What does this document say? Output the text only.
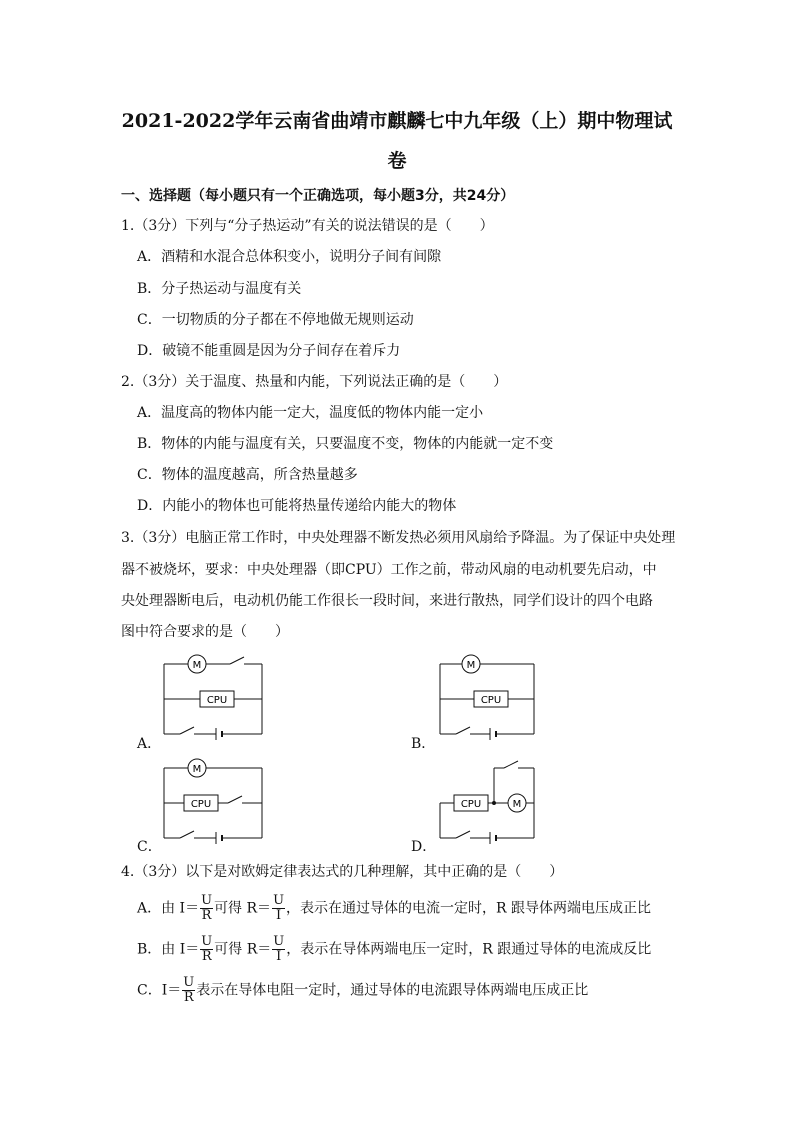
2021-2022学年云南省曲靖市麒麟七中九年级（上）期中物理试
卷
一、选择题（每小题只有一个正确选项，每小题3分，共24分）
1.（3分）下列与“分子热运动”有关的说法错误的是（　　）
A．酒精和水混合总体积变小，说明分子间有间隙
B．分子热运动与温度有关
C．一切物质的分子都在不停地做无规则运动
D．破镜不能重圆是因为分子间存在着斥力
2.（3分）关于温度、热量和内能，下列说法正确的是（　　）
A．温度高的物体内能一定大，温度低的物体内能一定小
B．物体的内能与温度有关，只要温度不变，物体的内能就一定不变
C．物体的温度越高，所含热量越多
D．内能小的物体也可能将热量传递给内能大的物体
3.（3分）电脑正常工作时，中央处理器不断发热必须用风扇给予降温。为了保证中央处理
器不被烧坏，要求：中央处理器（即CPU）工作之前，带动风扇的电动机要先启动，中
央处理器断电后，电动机仍能工作很长一段时间，来进行散热，同学们设计的四个电路
图中符合要求的是（　　）
M
CPU
A．
M
CPU
B．
M
CPU
C．
M
CPU
D．
4.（3分）以下是对欧姆定律表达式的几种理解，其中正确的是（　　）
A．由 $I= \frac{U}{R}$ 可得 $R= \frac{U}{I}$ ，表示在通过导体的电流一定时，R 跟导体两端电压成正比
B．由 $I= \frac{U}{R}$ 可得 $R= \frac{U}{I}$ ，表示在导体两端电压一定时，R 跟通过导体的电流成反比
C．$I= \frac{U}{R}$ 表示在导体电阻一定时，通过导体的电流跟导体两端电压成正比
